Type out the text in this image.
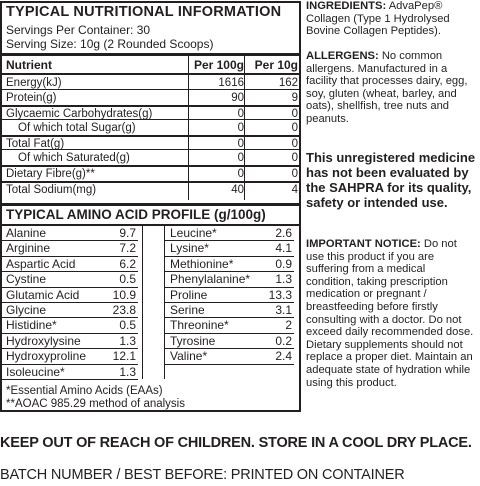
TYPICAL NUTRITIONAL INFORMATION
Servings Per Container: 30
Serving Size: 10g (2 Rounded Scoops)
Nutrient	Per 100g Per 10g
Energy(kJ)	1616	162
Protein(g)	90	9
Glycaemic Carbohydrates(g)	0	0
Of which total Sugar(g)	0	0
Total Fat(g)	0	0
Of which Saturated(g)	0	0
Dietary Fibre(g)**	0	0
Total Sodium(mg)	40	4
TYPICAL AMINO ACID PROFILE (g/100g)
Alanine	9.7
Arginine	7.2
Aspartic Acid	6.2
Cystine	0.5
Glutamic Acid	10.9
Glycine	23.8
Histidine*	0.5
Hydroxylysine	1.3
Hydroxyproline 12.1
Isoleucine*	1.3
Leucine*	2.6
Lysine*	4.1
Methionine*	0.9
Phenylalanine* 1.3
Proline	13.3
Serine	3.1
Threonine*	2
Tyrosine	0.2
Valine*	2.4
*Essential Amino Acids (EAAs)
**AOAC 985.29 method of analysis
INGREDIENTS: AdvaPep® Collagen (Type 1 Hydrolysed Bovine Collagen Peptides).
ALLERGENS: No common allergens. Manufactured in a facility that processes dairy, egg, soy, gluten (wheat, barley, and oats), shellfish, tree nuts and peanuts.
This unregistered medicine has not been evaluated by the SAHPRA for its quality, safety or intended use.
IMPORTANT NOTICE: Do not use this product if you are suffering from a medical condition, taking prescription medication or pregnant / breastfeeding before firstly consulting with a doctor. Do not exceed daily recommended dose. Dietary supplements should not replace a proper diet. Maintain an adequate state of hydration while using this product.
KEEP OUT OF REACH OF CHILDREN. STORE IN A COOL DRY PLACE.
BATCH NUMBER / BEST BEFORE: PRINTED ON CONTAINER
